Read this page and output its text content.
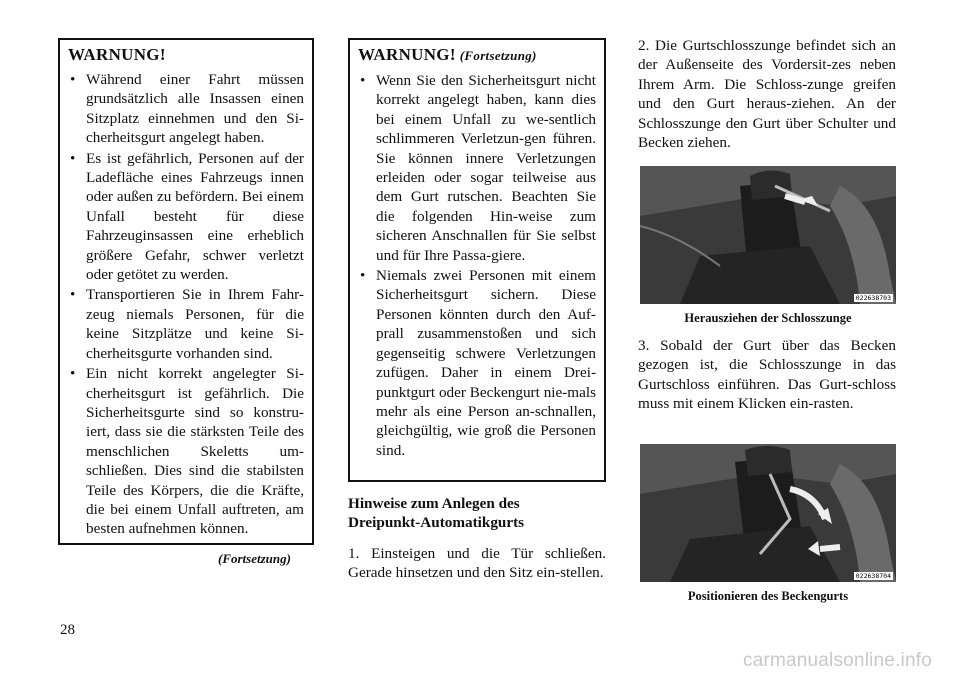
WARNUNG!
• Während einer Fahrt müssen grundsätzlich alle Insassen einen Sitzplatz einnehmen und den Si-cherheitsgurt angelegt haben.
• Es ist gefährlich, Personen auf der Ladefläche eines Fahrzeugs innen oder außen zu befördern. Bei einem Unfall besteht für diese Fahrzeuginsassen eine erheblich größere Gefahr, schwer verletzt oder getötet zu werden.
• Transportieren Sie in Ihrem Fahr-zeug niemals Personen, für die keine Sitzplätze und keine Si-cherheitsgurte vorhanden sind.
• Ein nicht korrekt angelegter Si-cherheitsgurt ist gefährlich. Die Sicherheitsgurte sind so konstru-iert, dass sie die stärksten Teile des menschlichen Skeletts um-schließen. Dies sind die stabilsten Teile des Körpers, die die Kräfte, die bei einem Unfall auftreten, am besten aufnehmen können.
(Fortsetzung)
WARNUNG! (Fortsetzung)
• Wenn Sie den Sicherheitsgurt nicht korrekt angelegt haben, kann dies bei einem Unfall zu we-sentlich schlimmeren Verletzun-gen führen. Sie können innere Verletzungen erleiden oder sogar teilweise aus dem Gurt rutschen. Beachten Sie die folgenden Hin-weise zum sicheren Anschnallen für Sie selbst und für Ihre Passa-giere.
• Niemals zwei Personen mit einem Sicherheitsgurt sichern. Diese Personen könnten durch den Auf-prall zusammenstoßen und sich gegenseitig schwere Verletzungen zufügen. Daher in einem Drei-punktgurt oder Beckengurt nie-mals mehr als eine Person an-schnallen, gleichgültig, wie groß die Personen sind.
Hinweise zum Anlegen des
Dreipunkt-Automatikgurts
1. Einsteigen und die Tür schließen. Gerade hinsetzen und den Sitz ein-stellen.
2. Die Gurtschlosszunge befindet sich an der Außenseite des Vordersit-zes neben Ihrem Arm. Die Schloss-zunge greifen und den Gurt heraus-ziehen. An der Schlosszunge den Gurt über Schulter und Becken ziehen.
022638703
Herausziehen der Schlosszunge
3. Sobald der Gurt über das Becken gezogen ist, die Schlosszunge in das Gurtschloss einführen. Das Gurt-schloss muss mit einem Klicken ein-rasten.
022638704
Positionieren des Beckengurts
28
carmanualsonline.info
